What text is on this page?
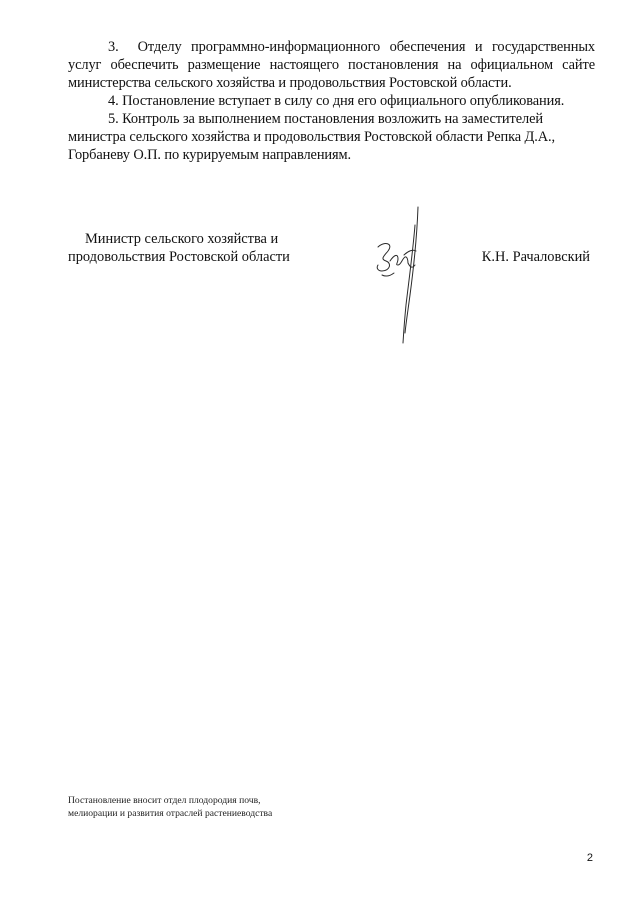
3.  Отделу программно-информационного обеспечения и государственных услуг обеспечить размещение настоящего постановления на официальном сайте министерства сельского хозяйства и продовольствия Ростовской области.

4. Постановление вступает в силу со дня его официального опубликования.

5. Контроль за выполнением постановления возложить на заместителей министра сельского хозяйства и продовольствия Ростовской области Репка Д.А., Горбаневу О.П. по курируемым направлениям.

Министр сельского хозяйства и
продовольствия Ростовской области	К.Н. Рачаловский
Постановление вносит отдел плодородия почв,
мелиорации и развития отраслей растениеводства
2
